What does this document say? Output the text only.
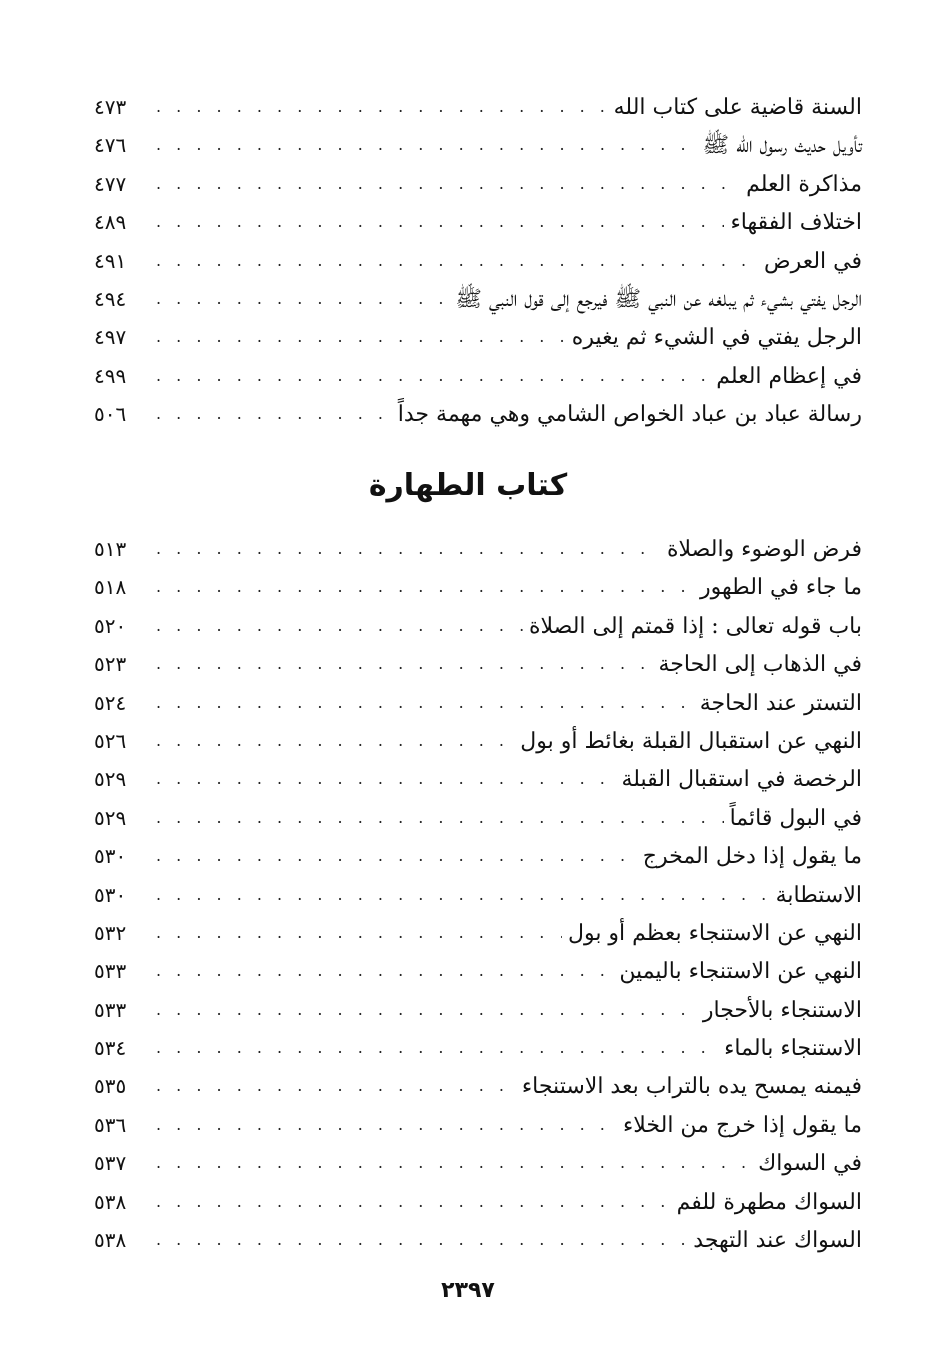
السنة قاضية على كتاب الله
. . .
٤٧٣
تأويل حديث رسول الله ﷺ
. . .
٤٧٦
مذاكرة العلم
. . .
٤٧٧
اختلاف الفقهاء
. . .
٤٨٩
في العرض
. . .
٤٩١
الرجل يفتي بشيء ثم يبلغه عن النبي ﷺ فيرجع إلى قول النبي ﷺ
. . .
٤٩٤
الرجل يفتي في الشيء ثم يغيره
. . .
٤٩٧
في إعظام العلم
. . .
٤٩٩
رسالة عباد بن عباد الخواص الشامي وهي مهمة جداً
. . .
٥٠٦
كتاب الطهارة
فرض الوضوء والصلاة
. . .
٥١٣
ما جاء في الطهور
. . .
٥١٨
باب قوله تعالى : إذا قمتم إلى الصلاة
. . .
٥٢٠
في الذهاب إلى الحاجة
. . .
٥٢٣
التستر عند الحاجة
. . .
٥٢٤
النهي عن استقبال القبلة بغائط أو بول
. . .
٥٢٦
الرخصة في استقبال القبلة
. . .
٥٢٩
في البول قائماً
. . .
٥٢٩
ما يقول إذا دخل المخرج
. . .
٥٣٠
الاستطابة
. . .
٥٣٠
النهي عن الاستنجاء بعظم أو بول
. . .
٥٣٢
النهي عن الاستنجاء باليمين
. . .
٥٣٣
الاستنجاء بالأحجار
. . .
٥٣٣
الاستنجاء بالماء
. . .
٥٣٤
فيمنه يمسح يده بالتراب بعد الاستنجاء
. . .
٥٣٥
ما يقول إذا خرج من الخلاء
. . .
٥٣٦
في السواك
. . .
٥٣٧
السواك مطهرة للفم
. . .
٥٣٨
السواك عند التهجد
. . .
٥٣٨
٢٣٩٧
